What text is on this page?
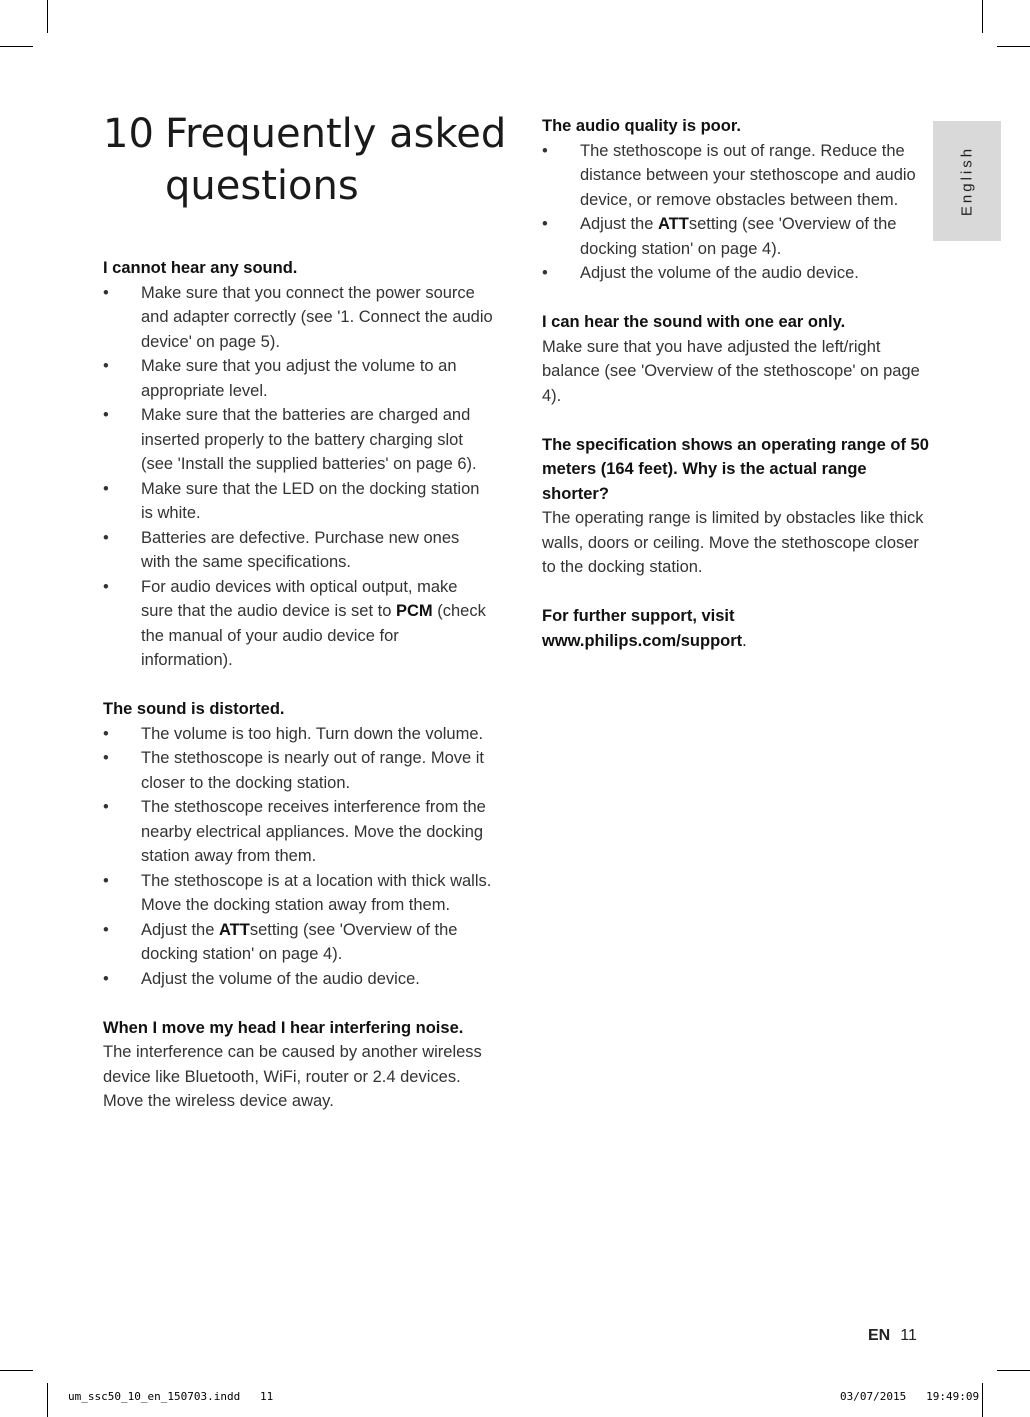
10 Frequently asked
questions

I cannot hear any sound.

• Make sure that you connect the power source and adapter correctly (see '1. Connect the audio device' on page 5).
• Make sure that you adjust the volume to an appropriate level.
• Make sure that the batteries are charged and inserted properly to the battery charging slot (see 'Install the supplied batteries' on page 6).
• Make sure that the LED on the docking station is white.
• Batteries are defective. Purchase new ones with the same specifications.
• For audio devices with optical output, make sure that the audio device is set to PCM (check the manual of your audio device for information).

The sound is distorted.

• The volume is too high. Turn down the volume.
• The stethoscope is nearly out of range. Move it closer to the docking station.
• The stethoscope receives interference from the nearby electrical appliances. Move the docking station away from them.
• The stethoscope is at a location with thick walls. Move the docking station away from them.
• Adjust the ATTsetting (see 'Overview of the docking station' on page 4).
• Adjust the volume of the audio device.

When I move my head I hear interfering noise.

The interference can be caused by another wireless device like Bluetooth, WiFi, router or 2.4 devices. Move the wireless device away.

The audio quality is poor.

• The stethoscope is out of range. Reduce the distance between your stethoscope and audio device, or remove obstacles between them.
• Adjust the ATTsetting (see 'Overview of the docking station' on page 4).
• Adjust the volume of the audio device.

I can hear the sound with one ear only.

Make sure that you have adjusted the left/right balance (see 'Overview of the stethoscope' on page 4).

The specification shows an operating range of 50 meters (164 feet). Why is the actual range shorter?

The operating range is limited by obstacles like thick walls, doors or ceiling. Move the stethoscope closer to the docking station.

For further support, visit

www.philips.com/support.

English
EN 11
um_ssc50_10_en_150703.indd   11	03/07/2015   19:49:09
